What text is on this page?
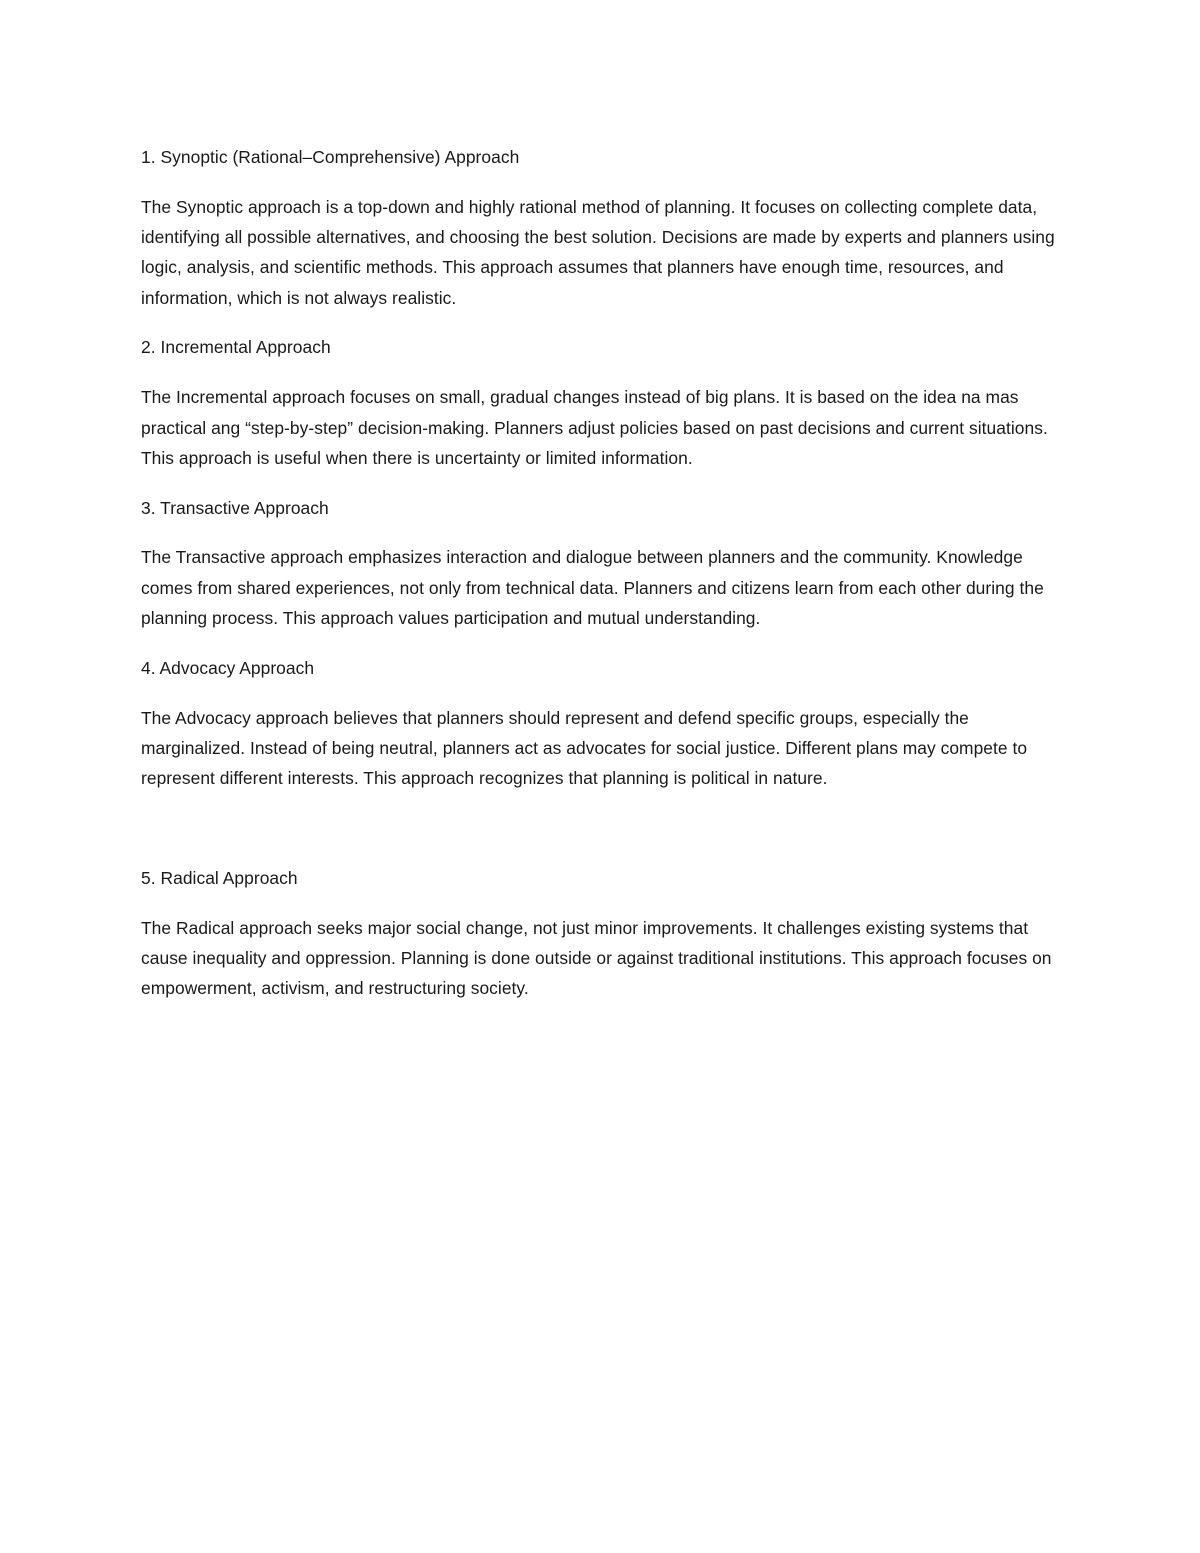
1. Synoptic (Rational–Comprehensive) Approach

The Synoptic approach is a top-down and highly rational method of planning. It focuses on collecting complete data, identifying all possible alternatives, and choosing the best solution. Decisions are made by experts and planners using logic, analysis, and scientific methods. This approach assumes that planners have enough time, resources, and information, which is not always realistic.

2. Incremental Approach

The Incremental approach focuses on small, gradual changes instead of big plans. It is based on the idea na mas practical ang “step-by-step” decision-making. Planners adjust policies based on past decisions and current situations. This approach is useful when there is uncertainty or limited information.

3. Transactive Approach

The Transactive approach emphasizes interaction and dialogue between planners and the community. Knowledge comes from shared experiences, not only from technical data. Planners and citizens learn from each other during the planning process. This approach values participation and mutual understanding.

4. Advocacy Approach

The Advocacy approach believes that planners should represent and defend specific groups, especially the marginalized. Instead of being neutral, planners act as advocates for social justice. Different plans may compete to represent different interests. This approach recognizes that planning is political in nature.

5. Radical Approach

The Radical approach seeks major social change, not just minor improvements. It challenges existing systems that cause inequality and oppression. Planning is done outside or against traditional institutions. This approach focuses on empowerment, activism, and restructuring society.
